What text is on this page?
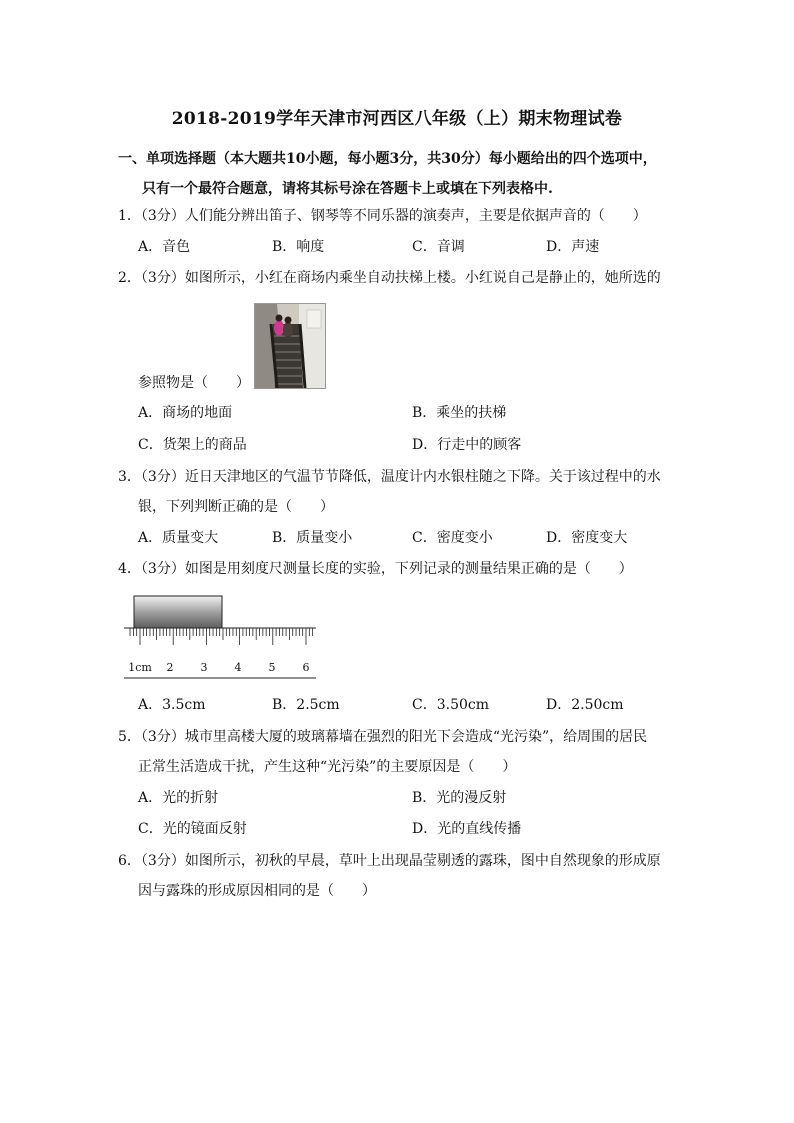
2018-2019学年天津市河西区八年级（上）期末物理试卷
一、单项选择题（本大题共10小题，每小题3分，共30分）每小题给出的四个选项中，
只有一个最符合题意，请将其标号涂在答题卡上或填在下列表格中.
1．（3分）人们能分辨出笛子、钢琴等不同乐器的演奏声，主要是依据声音的（　　）
A．音色	B．响度	C．音调	D．声速
2．（3分）如图所示，小红在商场内乘坐自动扶梯上楼。小红说自己是静止的，她所选的
参照物是（　　）
A．商场的地面	B．乘坐的扶梯
C．货架上的商品	D．行走中的顾客
3．（3分）近日天津地区的气温节节降低，温度计内水银柱随之下降。关于该过程中的水
银，下列判断正确的是（　　）
A．质量变大	B．质量变小	C．密度变小	D．密度变大
4．（3分）如图是用刻度尺测量长度的实验，下列记录的测量结果正确的是（　　）
1cm 2 3 4 5 6
A．3.5cm	B．2.5cm	C．3.50cm	D．2.50cm
5．（3分）城市里高楼大厦的玻璃幕墙在强烈的阳光下会造成“光污染”，给周围的居民
正常生活造成干扰，产生这种“光污染”的主要原因是（　　）
A．光的折射	B．光的漫反射
C．光的镜面反射	D．光的直线传播
6．（3分）如图所示，初秋的早晨，草叶上出现晶莹剔透的露珠，图中自然现象的形成原
因与露珠的形成原因相同的是（　　）
